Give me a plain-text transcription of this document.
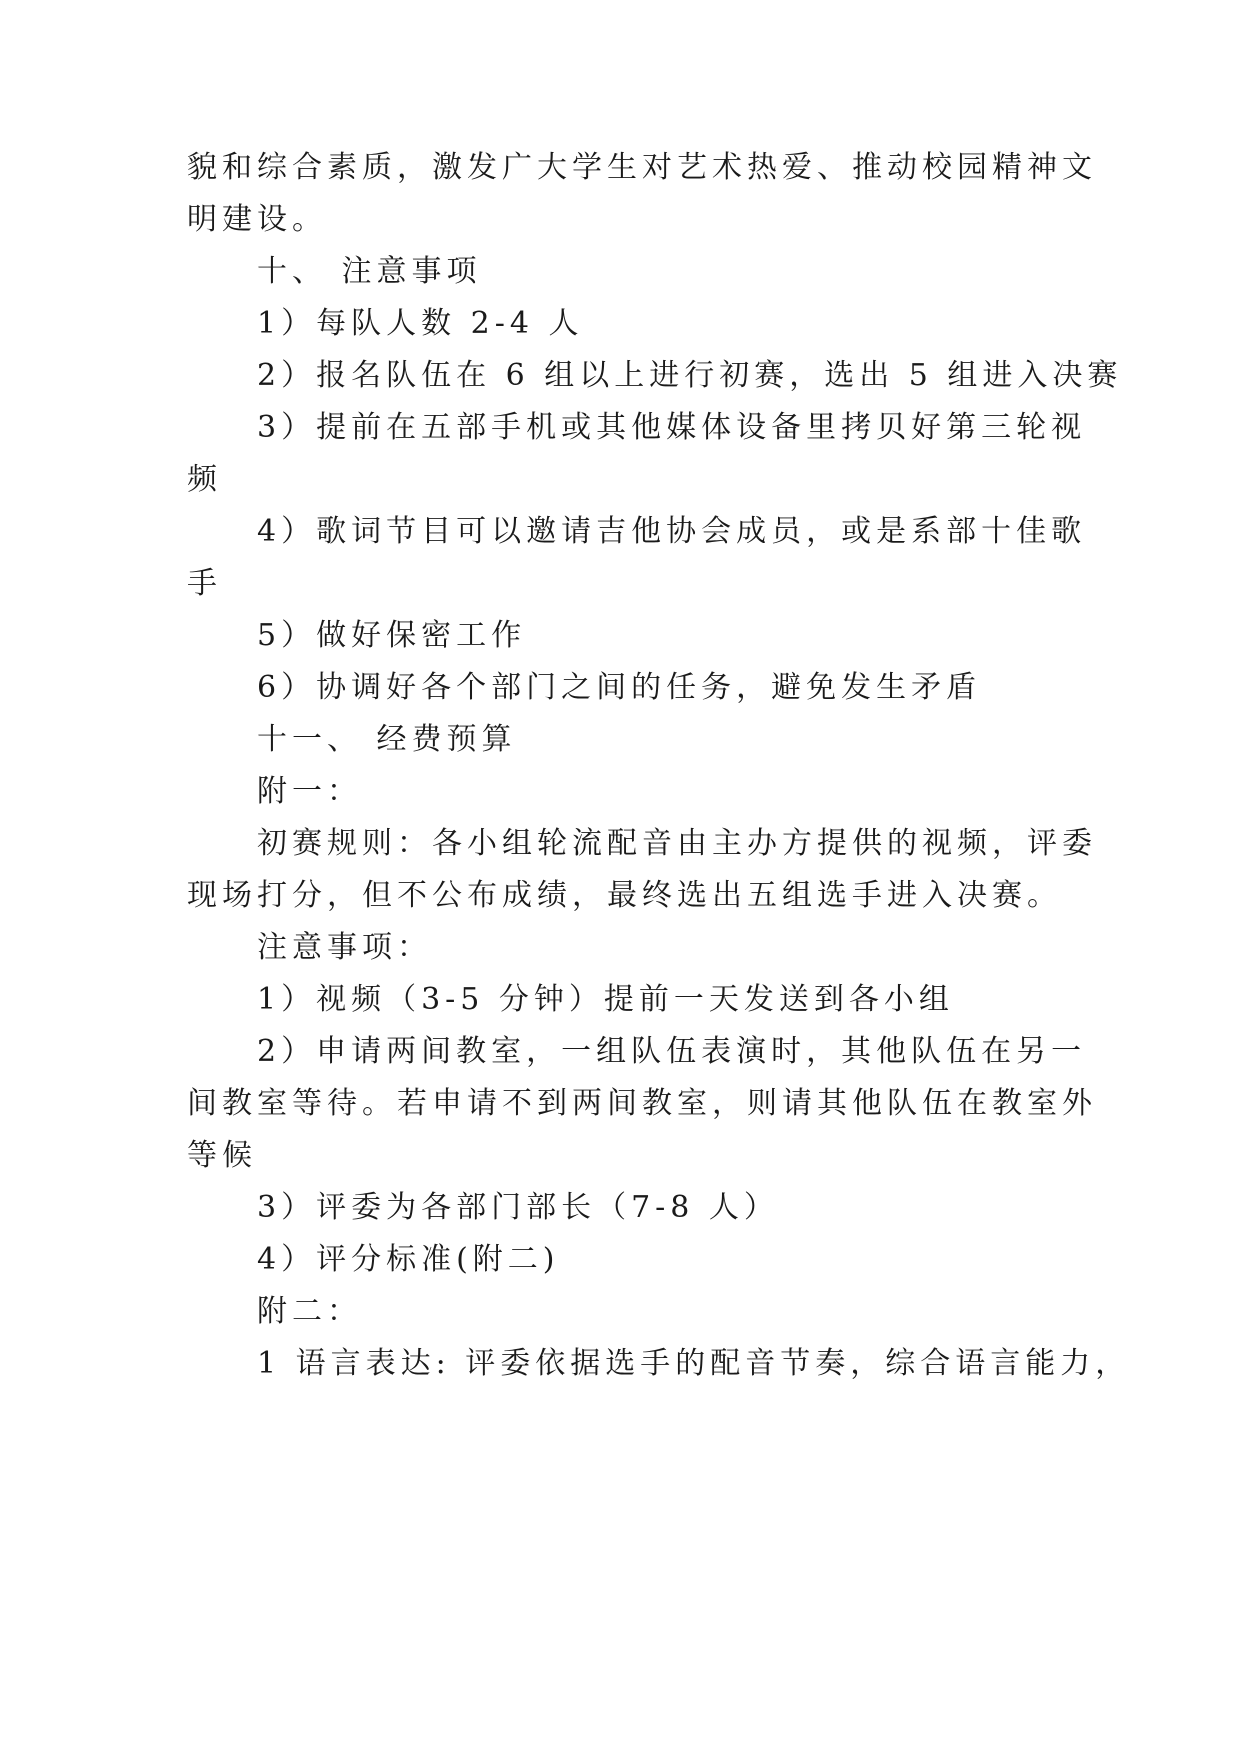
貌和综合素质，激发广大学生对艺术热爱、推动校园精神文
明建设。
十、 注意事项
1）每队人数 2-4 人
2）报名队伍在 6 组以上进行初赛，选出 5 组进入决赛
3）提前在五部手机或其他媒体设备里拷贝好第三轮视
频
4）歌词节目可以邀请吉他协会成员，或是系部十佳歌
手
5）做好保密工作
6）协调好各个部门之间的任务，避免发生矛盾
十一、 经费预算
附一：
初赛规则：各小组轮流配音由主办方提供的视频，评委
现场打分，但不公布成绩，最终选出五组选手进入决赛。
注意事项：
1）视频（3-5 分钟）提前一天发送到各小组
2）申请两间教室，一组队伍表演时，其他队伍在另一
间教室等待。若申请不到两间教室，则请其他队伍在教室外
等候
3）评委为各部门部长（7-8 人）
4）评分标准(附二)
附二：
1 语言表达: 评委依据选手的配音节奏，综合语言能力，
